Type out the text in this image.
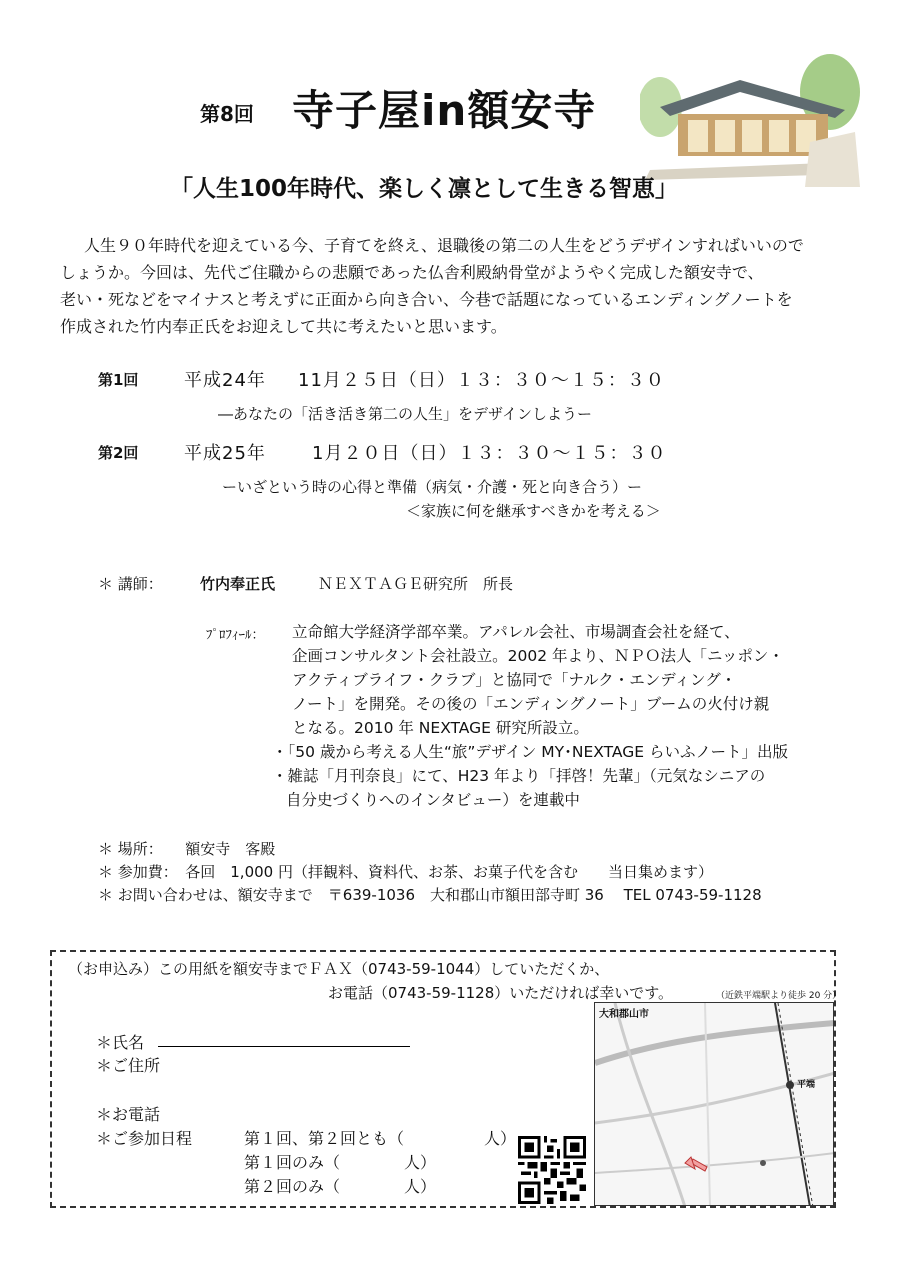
第8回 寺子屋in額安寺
「人生100年時代、楽しく凛として生きる智恵」
人生９０年時代を迎えている今、子育てを終え、退職後の第二の人生をどうデザインすればいいので
しょうか。今回は、先代ご住職からの悲願であった仏舎利殿納骨堂がようやく完成した額安寺で、
老い・死などをマイナスと考えずに正面から向き合い、今巷で話題になっているエンディングノートを
作成された竹内奉正氏をお迎えして共に考えたいと思います。
第1回	平成24年 11月２５日（日）１３：３０～１５：３０
―あなたの「活き活き第二の人生」をデザインしようー
第2回	平成25年	1月２０日（日）１３：３０～１５：３０
ーいざという時の心得と準備（病気・介護・死と向き合う）ー
＜家族に何を継承すべきかを考える＞
＊ 講師： 竹内奉正氏	ＮＥＸＴＡＧＥ研究所　所長
ﾌﾟﾛﾌｨｰﾙ： 立命館大学経済学部卒業。アパレル会社、市場調査会社を経て、
企画コンサルタント会社設立。2002 年より、ＮＰＯ法人「ニッポン・
アクティブライフ・クラブ」と協同で「ナルク・エンディング・
ノート」を開発。その後の「エンディングノート」ブームの火付け親
となる。2010 年 NEXTAGE 研究所設立。
・「50 歳から考える人生“旅”デザイン MY･NEXTAGE らいふノート」出版
・雑誌「月刊奈良」にて、H23 年より「拝啓！先輩」（元気なシニアの
自分史づくりへのインタビュー）を連載中
＊ 場所：　　額安寺　客殿
＊ 参加費：　各回　1,000 円（拝観料、資料代、お茶、お菓子代を含む　　当日集めます）
＊ お問い合わせは、額安寺まで　〒639-1036　大和郡山市額田部寺町 36　 TEL 0743-59-1128
（お申込み）この用紙を額安寺までＦＡＸ（0743-59-1044）していただくか、
お電話（0743-59-1128）いただければ幸いです。	（近鉄平端駅より徒歩 20 分）
＊氏名
＊ご住所
＊お電話
＊ご参加日程	第１回、第２回とも（　　　　　人）
第１回のみ（　　　　人）
第２回のみ（　　　　人）
大和郡山市
平端
